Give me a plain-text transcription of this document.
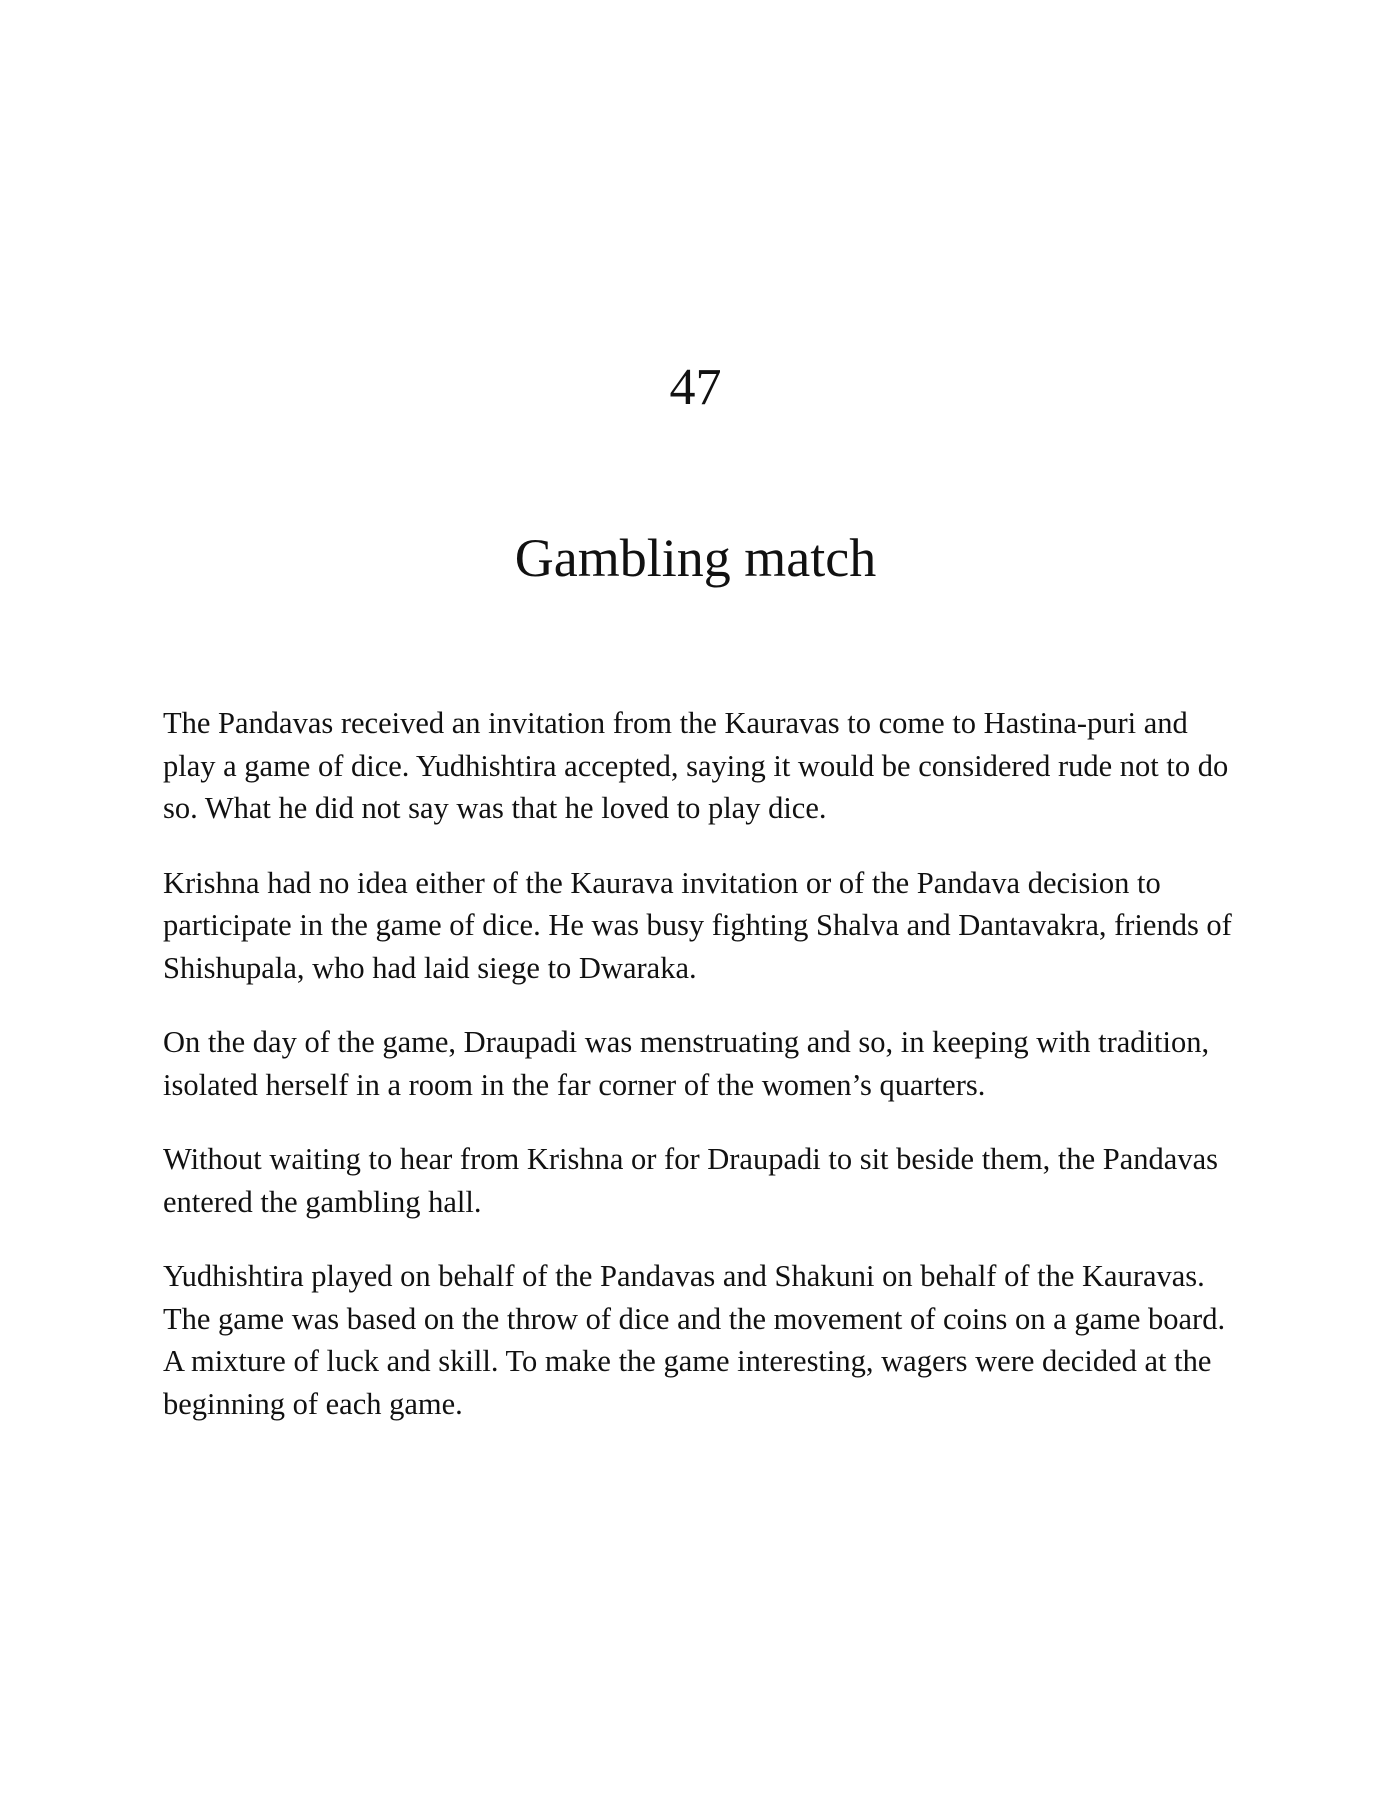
47
Gambling match

The Pandavas received an invitation from the Kauravas to come to Hastina-puri and play a game of dice. Yudhishtira accepted, saying it would be considered rude not to do so. What he did not say was that he loved to play dice.

Krishna had no idea either of the Kaurava invitation or of the Pandava decision to participate in the game of dice. He was busy fighting Shalva and Dantavakra, friends of Shishupala, who had laid siege to Dwaraka.

On the day of the game, Draupadi was menstruating and so, in keeping with tradition, isolated herself in a room in the far corner of the women’s quarters.

Without waiting to hear from Krishna or for Draupadi to sit beside them, the Pandavas entered the gambling hall.

Yudhishtira played on behalf of the Pandavas and Shakuni on behalf of the Kauravas. The game was based on the throw of dice and the movement of coins on a game board. A mixture of luck and skill. To make the game interesting, wagers were decided at the beginning of each game.
